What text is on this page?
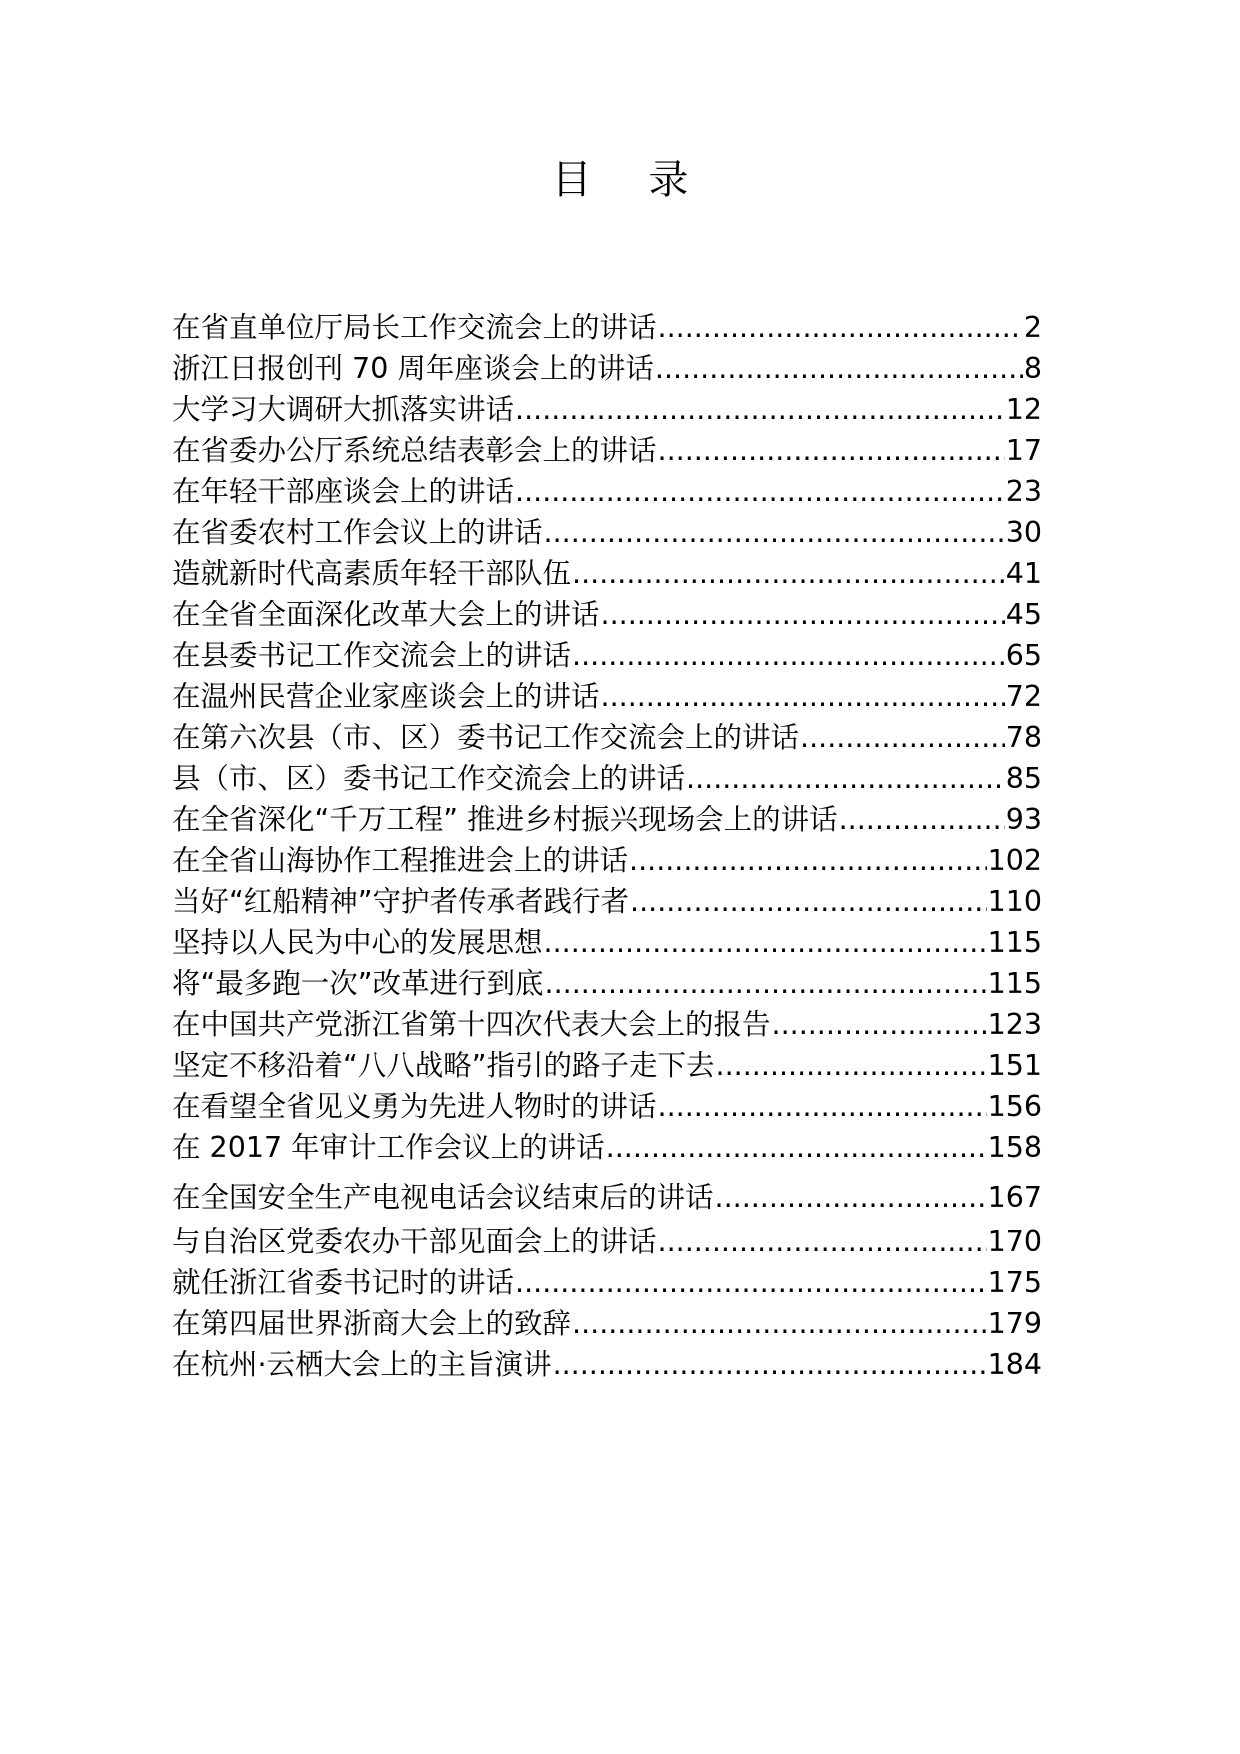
目 录
在省直单位厅局长工作交流会上的讲话 .....	2
浙江日报创刊 70 周年座谈会上的讲话 .....	8
大学习大调研大抓落实讲话 .....	12
在省委办公厅系统总结表彰会上的讲话 .....	17
在年轻干部座谈会上的讲话 .....	23
在省委农村工作会议上的讲话 .....	30
造就新时代高素质年轻干部队伍 .....	41
在全省全面深化改革大会上的讲话 .....	45
在县委书记工作交流会上的讲话 .....	65
在温州民营企业家座谈会上的讲话 .....	72
在第六次县（市、区）委书记工作交流会上的讲话 .....	78
县（市、区）委书记工作交流会上的讲话 .....	85
在全省深化“千万工程” 推进乡村振兴现场会上的讲话 .....	93
在全省山海协作工程推进会上的讲话 .....	102
当好“红船精神”守护者传承者践行者 .....	110
坚持以人民为中心的发展思想 .....	115
将“最多跑一次”改革进行到底 .....	115
在中国共产党浙江省第十四次代表大会上的报告 .....	123
坚定不移沿着“八八战略”指引的路子走下去 .....	151
在看望全省见义勇为先进人物时的讲话 .....	156
在 2017 年审计工作会议上的讲话 .....	158
在全国安全生产电视电话会议结束后的讲话 .....	167
与自治区党委农办干部见面会上的讲话 .....	170
就任浙江省委书记时的讲话 .....	175
在第四届世界浙商大会上的致辞 .....	179
在杭州·云栖大会上的主旨演讲 .....	184
